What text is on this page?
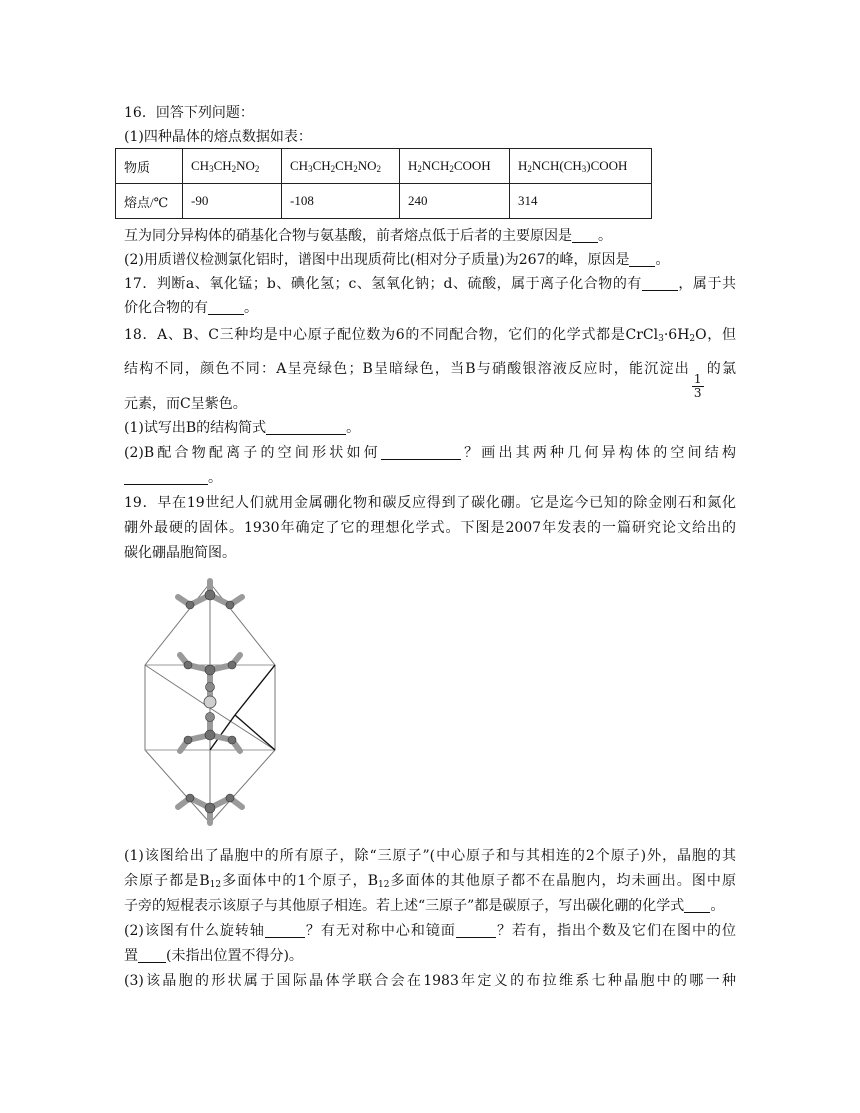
16．回答下列问题：
(1)四种晶体的熔点数据如表：
物质	$CH_3CH_2NO_2$	$CH_3CH_2CH_2NO_2$	$H_2NCH_2COOH$	$H_2NCH(CH_3)COOH$
熔点/℃	-90	-108	240	314
互为同分异构体的硝基化合物与氨基酸，前者熔点低于后者的主要原因是 。
(2)用质谱仪检测氯化铝时，谱图中出现质荷比(相对分子质量)为267的峰，原因是 。
17．判断a、氧化锰；b、碘化氢；c、氢氧化钠；d、硫酸，属于离子化合物的有	，属于共
价化合物的有	。
18．A、B、C三种均是中心原子配位数为6的不同配合物，它们的化学式都是$CrCl_3\cdot 6H_2O$，但
结构不同，颜色不同：A呈亮绿色；B呈暗绿色，当B与硝酸银溶液反应时，能沉淀出
$\frac{1}{3}$
的氯
元素，而C呈紫色。
(1)试写出B的结构简式	。
(2)B配合物配离子的空间形状如何	？画出其两种几何异构体的空间结构
。
19．早在19世纪人们就用金属硼化物和碳反应得到了碳化硼。它是迄今已知的除金刚石和氮化
硼外最硬的固体。1930年确定了它的理想化学式。下图是2007年发表的一篇研究论文给出的
碳化硼晶胞简图。
(1)该图给出了晶胞中的所有原子，除“三原子”(中心原子和与其相连的2个原子)外，晶胞的其
余原子都是$B_{12}$多面体中的1个原子，$B_{12}$多面体的其他原子都不在晶胞内，均未画出。图中原
子旁的短棍表示该原子与其他原子相连。若上述“三原子”都是碳原子，写出碳化硼的化学式 。
(2)该图有什么旋转轴	？有无对称中心和镜面	？若有，指出个数及它们在图中的位
置 (未指出位置不得分)。
(3)该晶胞的形状属于国际晶体学联合会在1983年定义的布拉维系七种晶胞中的哪一种
